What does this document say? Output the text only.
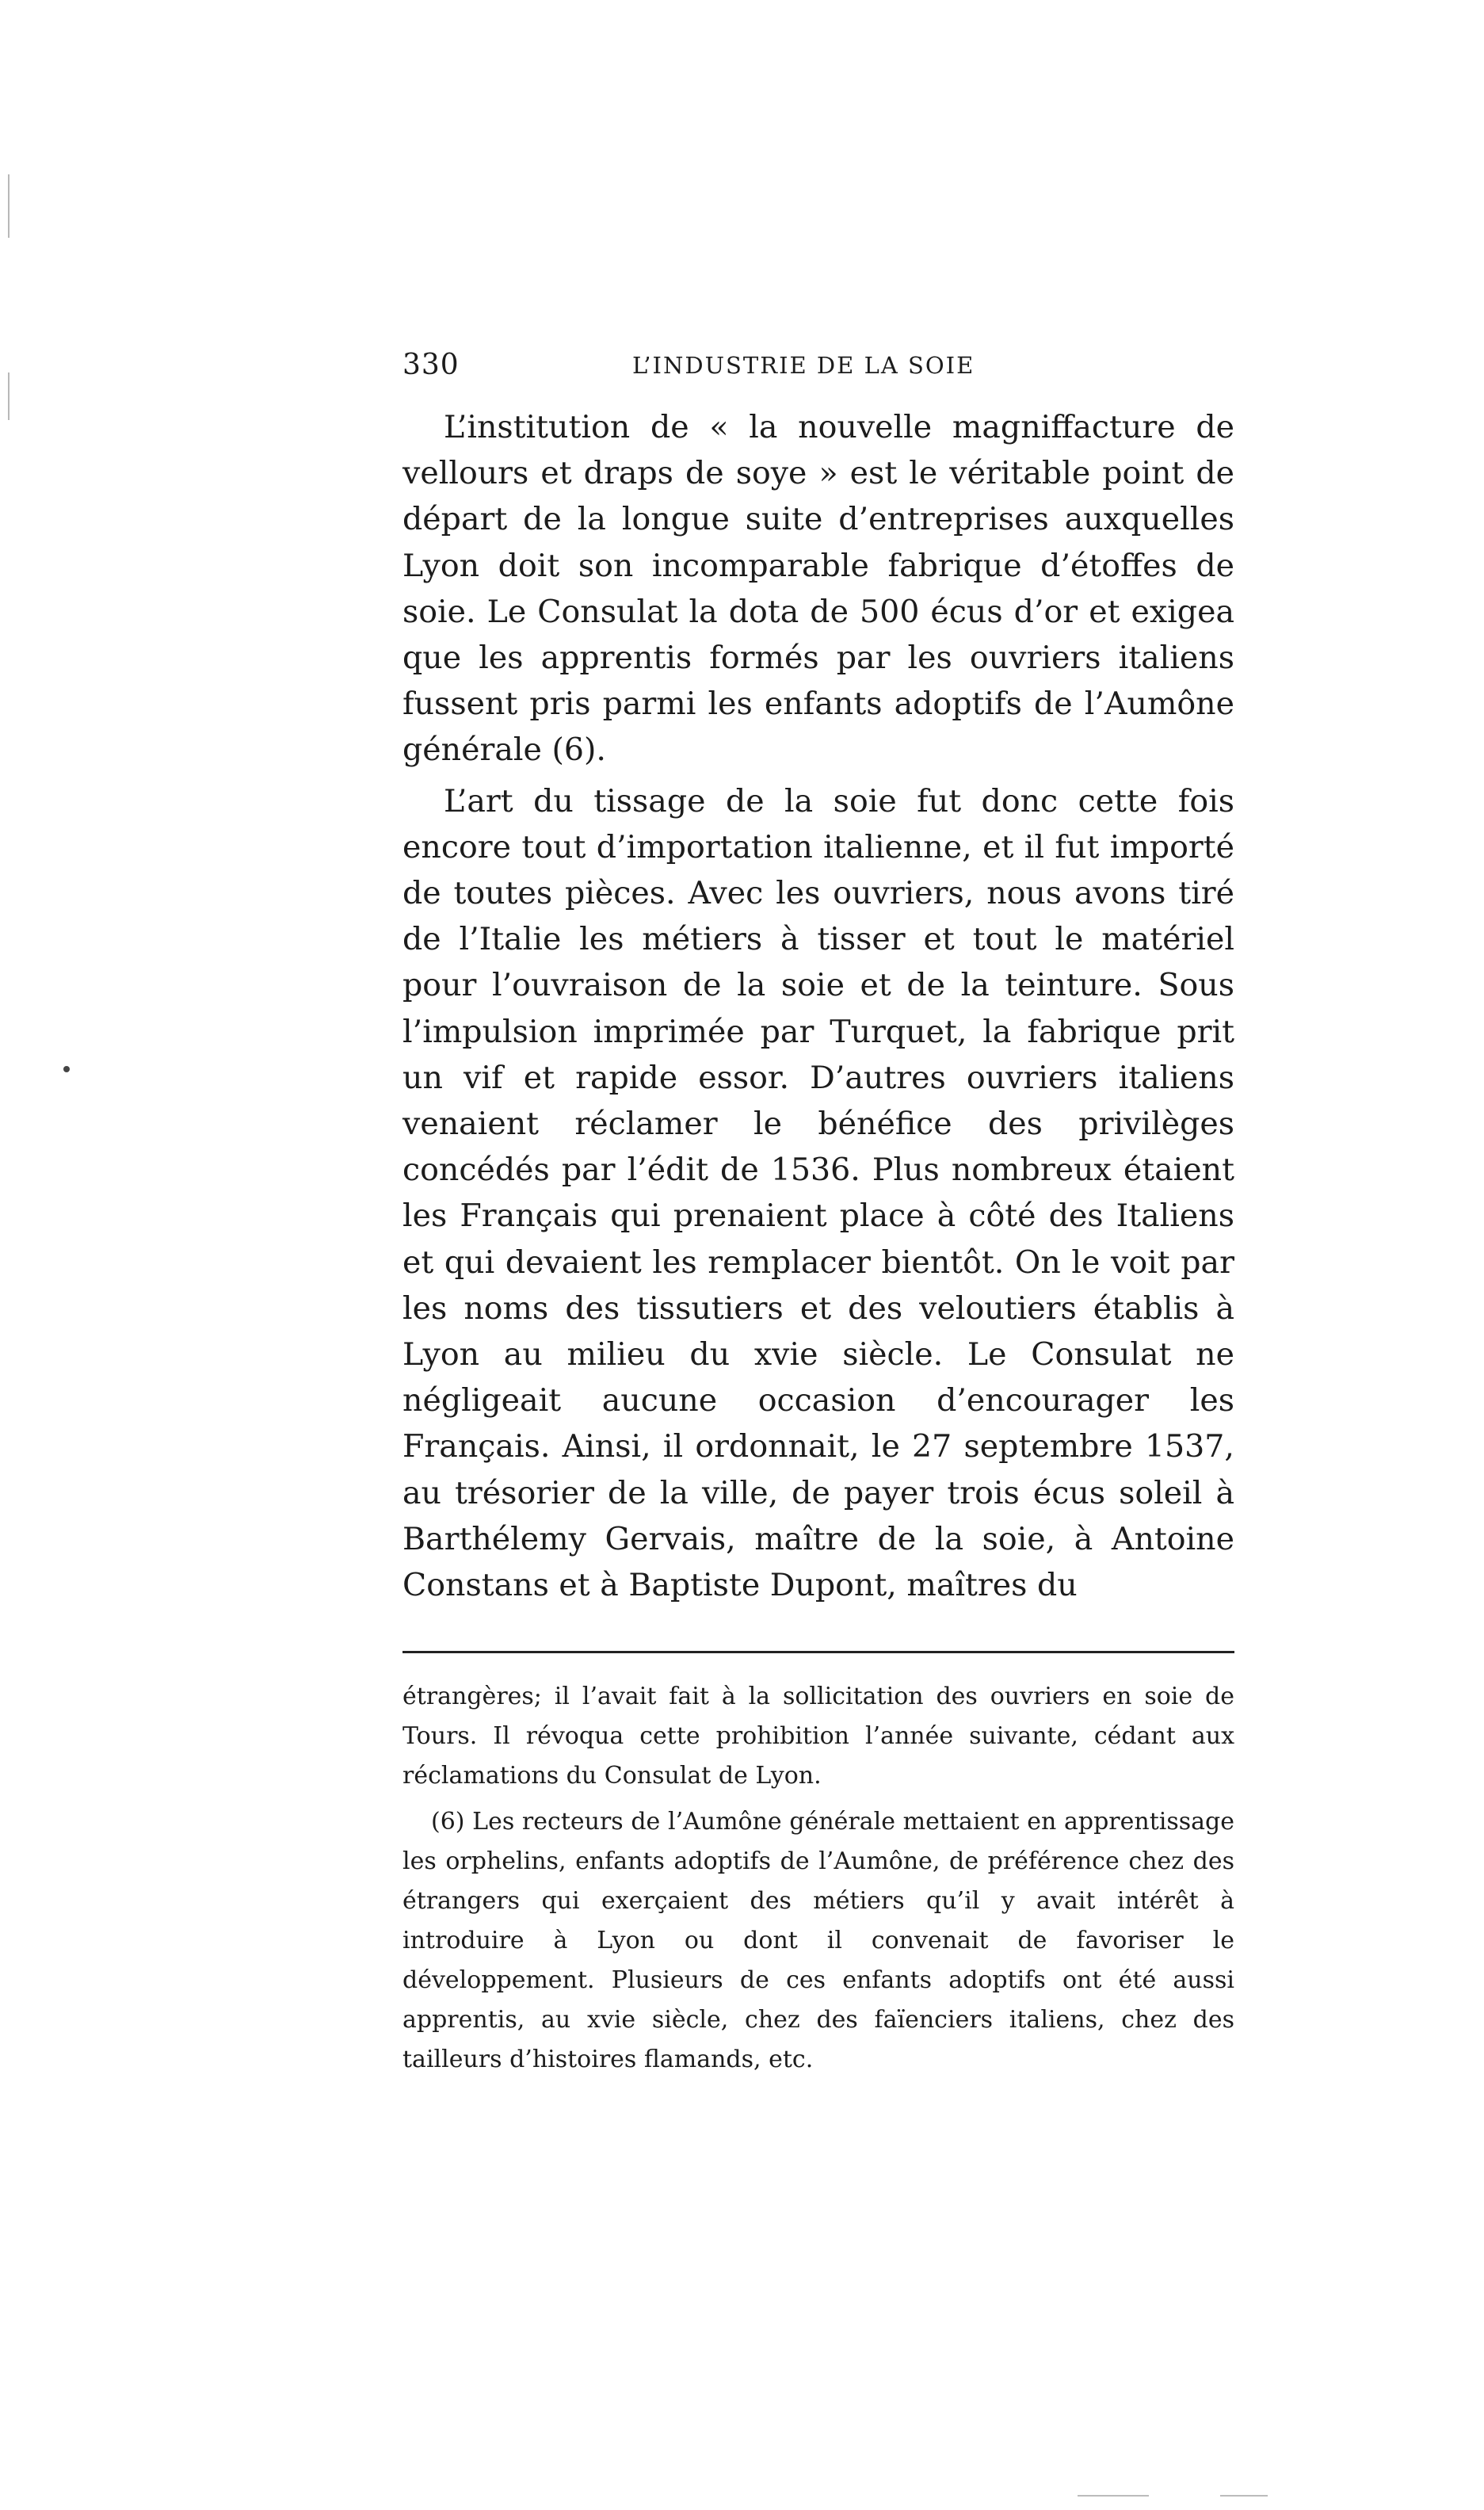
330	L’INDUSTRIE DE LA SOIE

L’institution de « la nouvelle magniffacture de vellours et draps de soye » est le véritable point de départ de la longue suite d’entreprises auxquelles Lyon doit son incomparable fabrique d’étoffes de soie. Le Consulat la dota de 500 écus d’or et exigea que les apprentis formés par les ouvriers italiens fussent pris parmi les enfants adoptifs de l’Aumône générale (6).

L’art du tissage de la soie fut donc cette fois encore tout d’importation italienne, et il fut importé de toutes pièces. Avec les ouvriers, nous avons tiré de l’Italie les métiers à tisser et tout le matériel pour l’ouvraison de la soie et de la teinture. Sous l’impulsion imprimée par Turquet, la fabrique prit un vif et rapide essor. D’autres ouvriers italiens venaient réclamer le bénéfice des privilèges concédés par l’édit de 1536. Plus nombreux étaient les Français qui prenaient place à côté des Italiens et qui devaient les remplacer bientôt. On le voit par les noms des tissutiers et des veloutiers établis à Lyon au milieu du xvie siècle. Le Consulat ne négligeait aucune occasion d’encourager les Français. Ainsi, il ordonnait, le 27 septembre 1537, au trésorier de la ville, de payer trois écus soleil à Barthélemy Gervais, maître de la soie, à Antoine Constans et à Baptiste Dupont, maîtres du

étrangères; il l’avait fait à la sollicitation des ouvriers en soie de Tours. Il révoqua cette prohibition l’année suivante, cédant aux réclamations du Consulat de Lyon.

(6) Les recteurs de l’Aumône générale mettaient en apprentissage les orphelins, enfants adoptifs de l’Aumône, de préférence chez des étrangers qui exerçaient des métiers qu’il y avait intérêt à introduire à Lyon ou dont il convenait de favoriser le développement. Plusieurs de ces enfants adoptifs ont été aussi apprentis, au xvie siècle, chez des faïenciers italiens, chez des tailleurs d’histoires flamands, etc.
